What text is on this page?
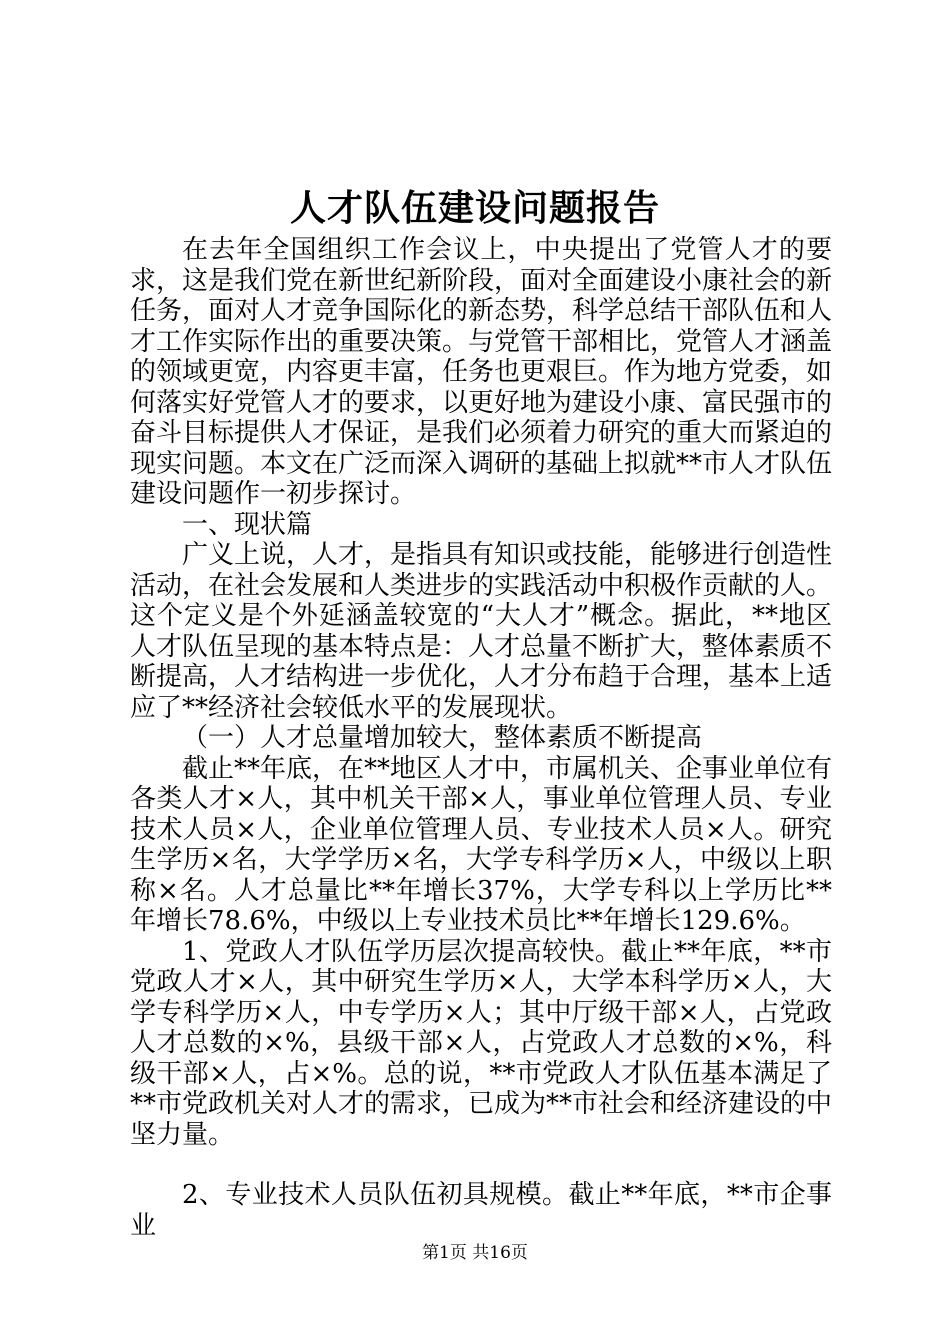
人才队伍建设问题报告

在去年全国组织工作会议上，中央提出了党管人才的要求，这是我们党在新世纪新阶段，面对全面建设小康社会的新任务，面对人才竞争国际化的新态势，科学总结干部队伍和人才工作实际作出的重要决策。与党管干部相比，党管人才涵盖的领域更宽，内容更丰富，任务也更艰巨。作为地方党委，如何落实好党管人才的要求，以更好地为建设小康、富民强市的奋斗目标提供人才保证，是我们必须着力研究的重大而紧迫的现实问题。本文在广泛而深入调研的基础上拟就**市人才队伍建设问题作一初步探讨。

一、现状篇

广义上说，人才，是指具有知识或技能，能够进行创造性活动，在社会发展和人类进步的实践活动中积极作贡献的人。这个定义是个外延涵盖较宽的“大人才”概念。据此，**地区人才队伍呈现的基本特点是：人才总量不断扩大，整体素质不断提高，人才结构进一步优化，人才分布趋于合理，基本上适应了**经济社会较低水平的发展现状。

（一）人才总量增加较大，整体素质不断提高

截止**年底，在**地区人才中，市属机关、企事业单位有各类人才×人，其中机关干部×人，事业单位管理人员、专业技术人员×人，企业单位管理人员、专业技术人员×人。研究生学历×名，大学学历×名，大学专科学历×人，中级以上职称×名。人才总量比**年增长37%，大学专科以上学历比**年增长78.6%，中级以上专业技术员比**年增长129.6%。

1、党政人才队伍学历层次提高较快。截止**年底，**市党政人才×人，其中研究生学历×人，大学本科学历×人，大学专科学历×人，中专学历×人；其中厅级干部×人，占党政人才总数的×%，县级干部×人，占党政人才总数的×%，科级干部×人，占×%。总的说，**市党政人才队伍基本满足了**市党政机关对人才的需求，已成为**市社会和经济建设的中坚力量。

2、专业技术人员队伍初具规模。截止**年底，**市企事业

第1页 共16页
